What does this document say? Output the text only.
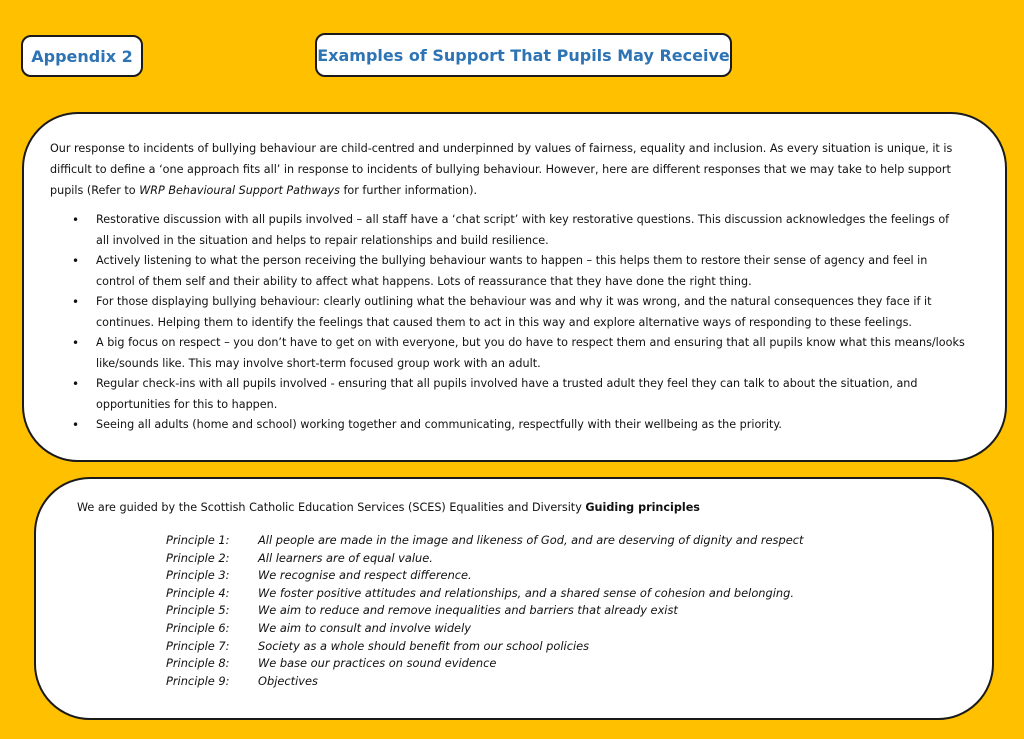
Appendix 2	Examples of Support That Pupils May Receive

Our response to incidents of bullying behaviour are child-centred and underpinned by values of fairness, equality and inclusion. As every situation is unique, it is difficult to define a ‘one approach fits all’ in response to incidents of bullying behaviour. However, here are different responses that we may take to help support pupils (Refer to WRP Behavioural Support Pathways for further information).

• Restorative discussion with all pupils involved – all staff have a ‘chat script’ with key restorative questions. This discussion acknowledges the feelings of all involved in the situation and helps to repair relationships and build resilience.
• Actively listening to what the person receiving the bullying behaviour wants to happen – this helps them to restore their sense of agency and feel in control of them self and their ability to affect what happens. Lots of reassurance that they have done the right thing.
• For those displaying bullying behaviour: clearly outlining what the behaviour was and why it was wrong, and the natural consequences they face if it continues. Helping them to identify the feelings that caused them to act in this way and explore alternative ways of responding to these feelings.
• A big focus on respect – you don’t have to get on with everyone, but you do have to respect them and ensuring that all pupils know what this means/looks like/sounds like. This may involve short-term focused group work with an adult.
• Regular check-ins with all pupils involved - ensuring that all pupils involved have a trusted adult they feel they can talk to about the situation, and opportunities for this to happen.
• Seeing all adults (home and school) working together and communicating, respectfully with their wellbeing as the priority.

We are guided by the Scottish Catholic Education Services (SCES) Equalities and Diversity Guiding principles

Principle 1:	All people are made in the image and likeness of God, and are deserving of dignity and respect
Principle 2:	All learners are of equal value.
Principle 3:	We recognise and respect difference.
Principle 4:	We foster positive attitudes and relationships, and a shared sense of cohesion and belonging.
Principle 5:	We aim to reduce and remove inequalities and barriers that already exist
Principle 6:	We aim to consult and involve widely
Principle 7:	Society as a whole should benefit from our school policies
Principle 8:	We base our practices on sound evidence
Principle 9:	Objectives
